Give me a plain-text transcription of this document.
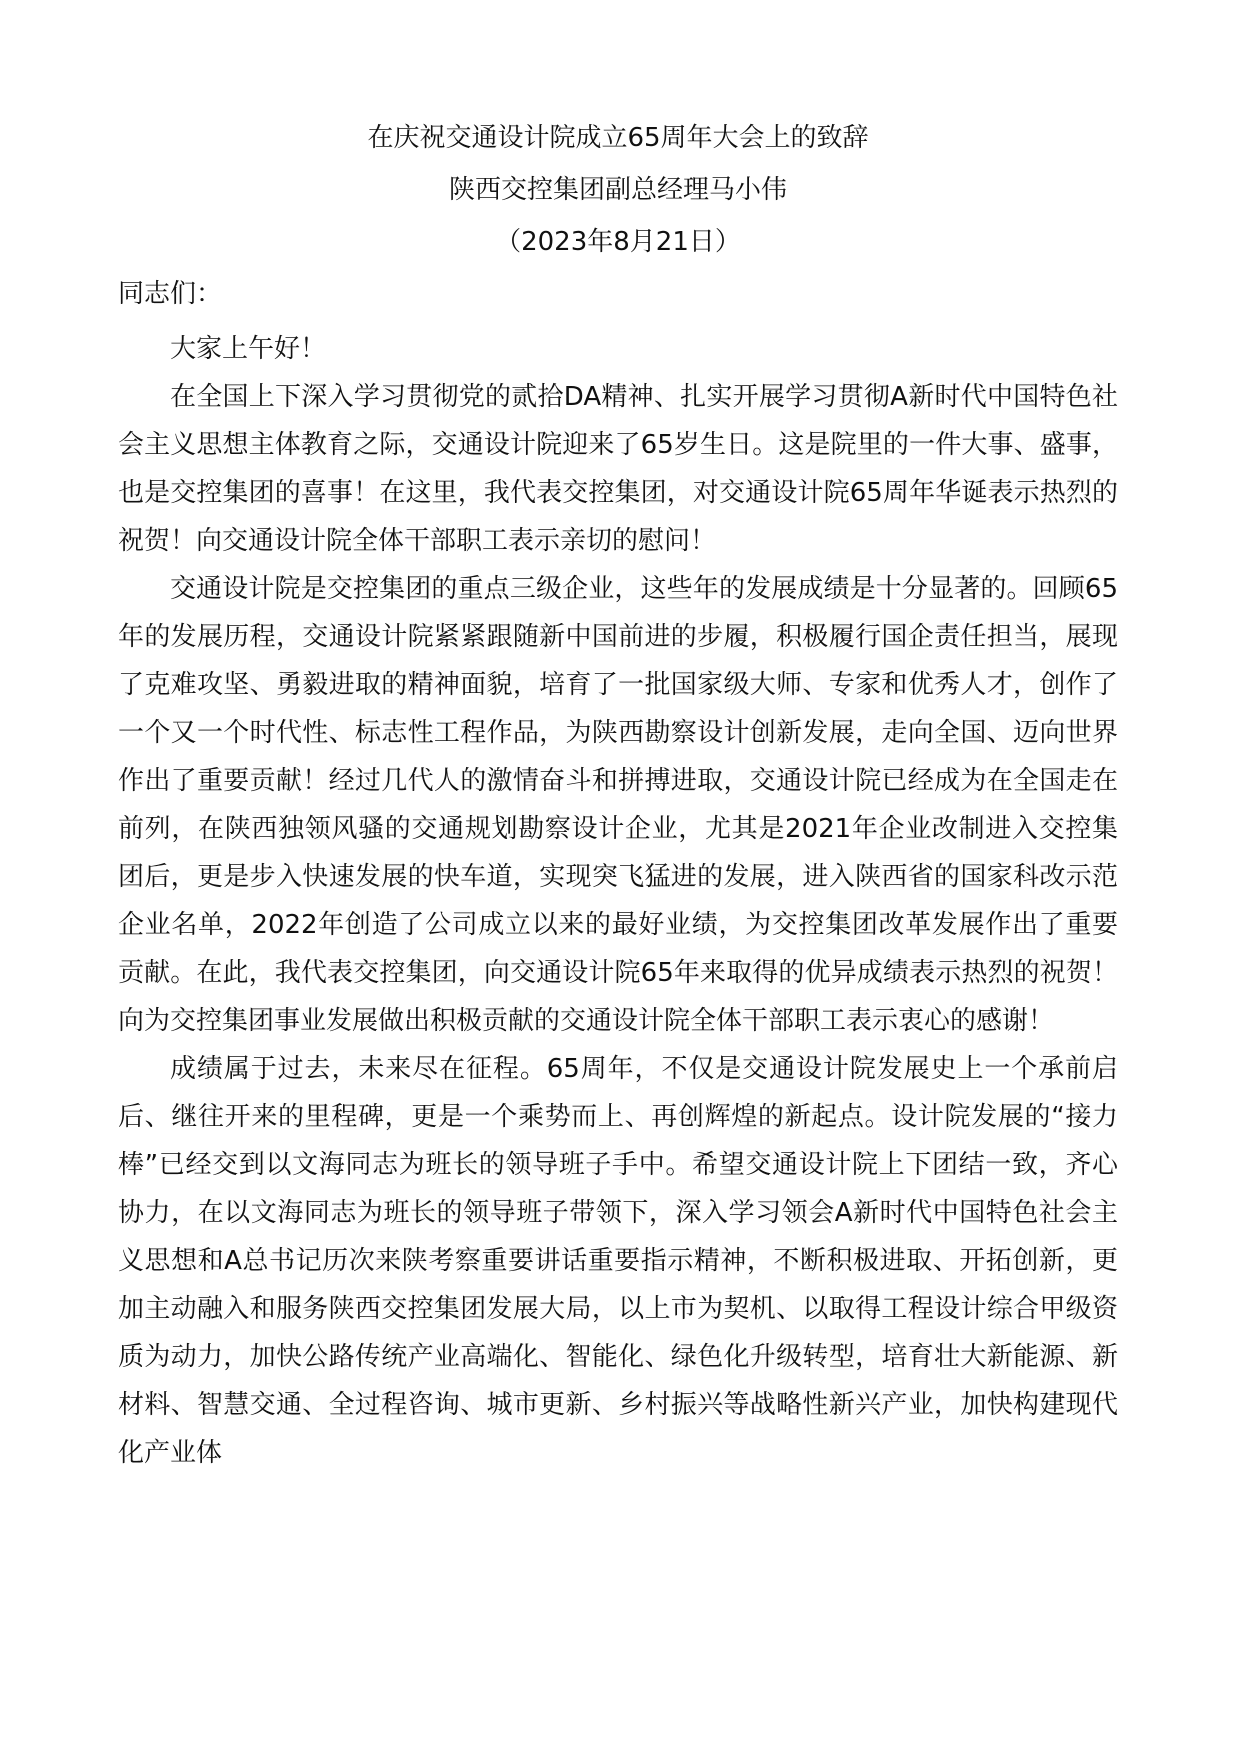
在庆祝交通设计院成立65周年大会上的致辞
陕西交控集团副总经理马小伟
（2023年8月21日）
同志们：

大家上午好！

在全国上下深入学习贯彻党的贰拾DA精神、扎实开展学习贯彻A新时代中国特色社会主义思想主体教育之际，交通设计院迎来了65岁生日。这是院里的一件大事、盛事，也是交控集团的喜事！在这里，我代表交控集团，对交通设计院65周年华诞表示热烈的祝贺！向交通设计院全体干部职工表示亲切的慰问！

交通设计院是交控集团的重点三级企业，这些年的发展成绩是十分显著的。回顾65年的发展历程，交通设计院紧紧跟随新中国前进的步履，积极履行国企责任担当，展现了克难攻坚、勇毅进取的精神面貌，培育了一批国家级大师、专家和优秀人才，创作了一个又一个时代性、标志性工程作品，为陕西勘察设计创新发展，走向全国、迈向世界作出了重要贡献！经过几代人的激情奋斗和拼搏进取，交通设计院已经成为在全国走在前列，在陕西独领风骚的交通规划勘察设计企业，尤其是2021年企业改制进入交控集团后，更是步入快速发展的快车道，实现突飞猛进的发展，进入陕西省的国家科改示范企业名单，2022年创造了公司成立以来的最好业绩，为交控集团改革发展作出了重要贡献。在此，我代表交控集团，向交通设计院65年来取得的优异成绩表示热烈的祝贺！向为交控集团事业发展做出积极贡献的交通设计院全体干部职工表示衷心的感谢！

成绩属于过去，未来尽在征程。65周年，不仅是交通设计院发展史上一个承前启后、继往开来的里程碑，更是一个乘势而上、再创辉煌的新起点。设计院发展的“接力棒”已经交到以文海同志为班长的领导班子手中。希望交通设计院上下团结一致，齐心协力，在以文海同志为班长的领导班子带领下，深入学习领会A新时代中国特色社会主义思想和A总书记历次来陕考察重要讲话重要指示精神，不断积极进取、开拓创新，更加主动融入和服务陕西交控集团发展大局，以上市为契机、以取得工程设计综合甲级资质为动力，加快公路传统产业高端化、智能化、绿色化升级转型，培育壮大新能源、新材料、智慧交通、全过程咨询、城市更新、乡村振兴等战略性新兴产业，加快构建现代化产业体
